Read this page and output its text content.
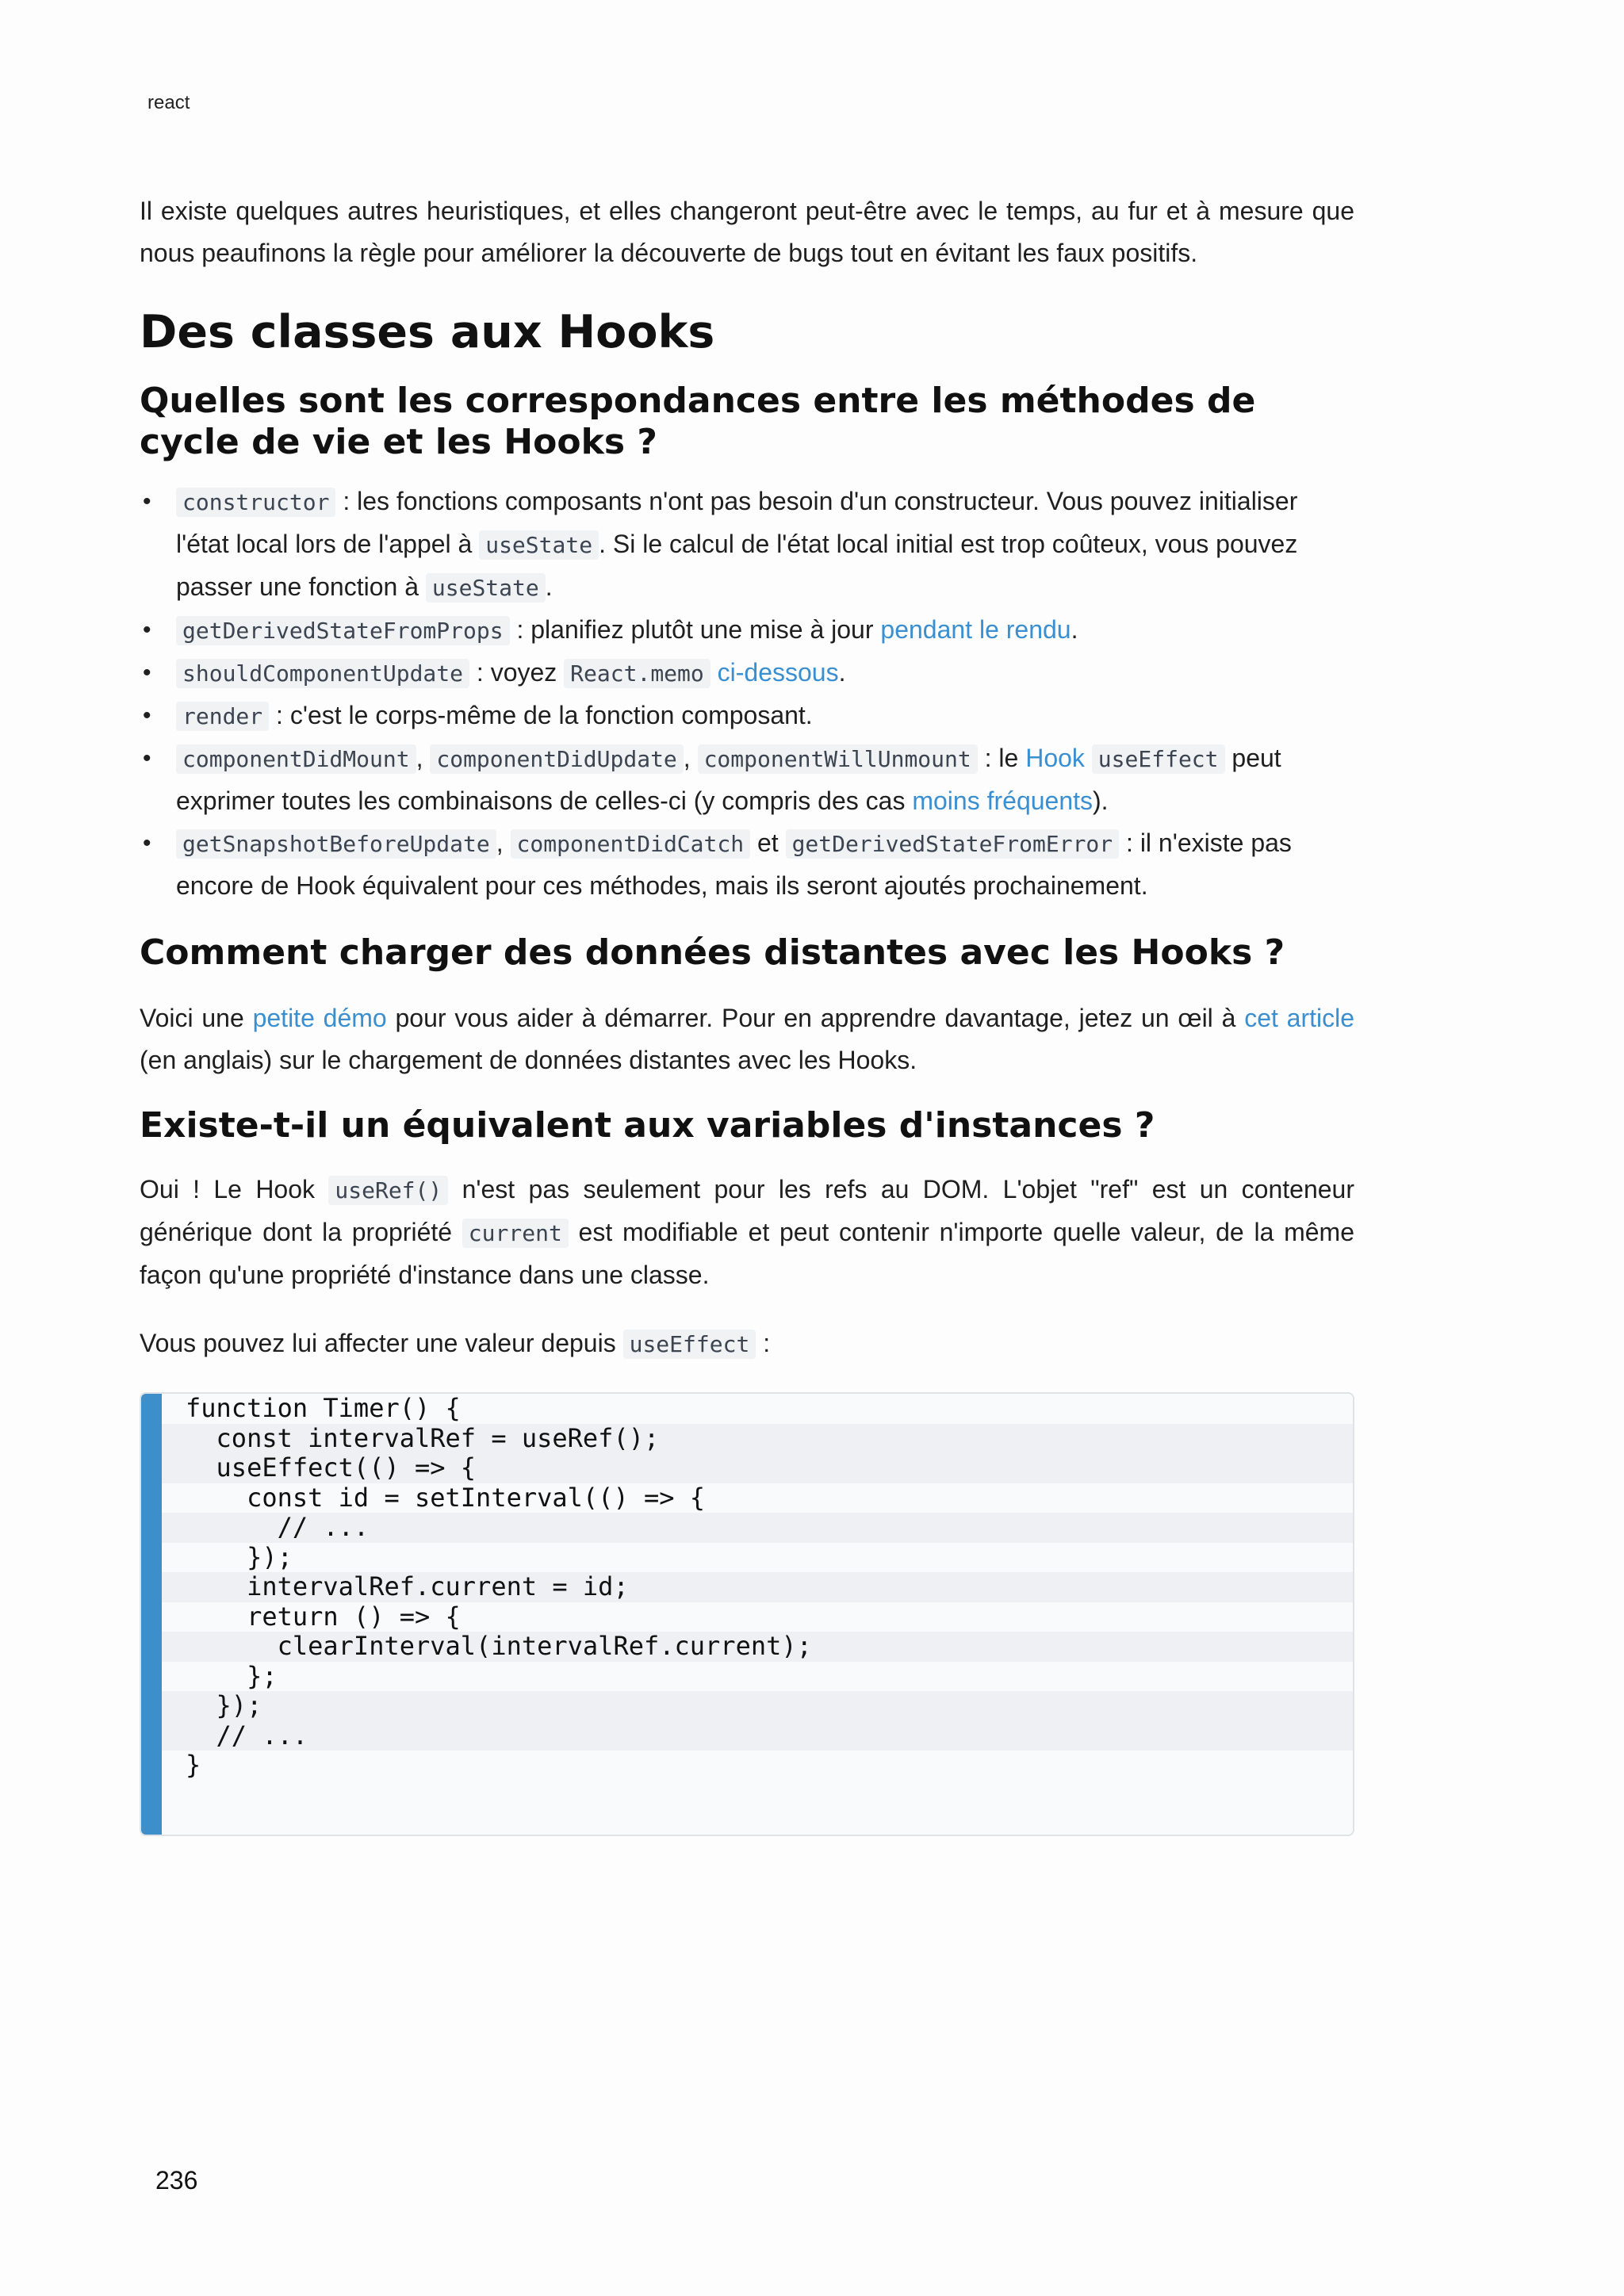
react

Il existe quelques autres heuristiques, et elles changeront peut-être avec le temps, au fur et à mesure que nous peaufinons la règle pour améliorer la découverte de bugs tout en évitant les faux positifs.

Des classes aux Hooks
Quelles sont les correspondances entre les méthodes de cycle de vie et les Hooks ?
• constructor : les fonctions composants n'ont pas besoin d'un constructeur. Vous pouvez initialiser l'état local lors de l'appel à useState . Si le calcul de l'état local initial est trop coûteux, vous pouvez passer une fonction à useState .
• getDerivedStateFromProps : planifiez plutôt une mise à jour pendant le rendu.
• shouldComponentUpdate : voyez React.memo ci-dessous.
• render : c'est le corps-même de la fonction composant.
• componentDidMount , componentDidUpdate , componentWillUnmount : le Hook useEffect peut exprimer toutes les combinaisons de celles-ci (y compris des cas moins fréquents).
• getSnapshotBeforeUpdate , componentDidCatch et getDerivedStateFromError : il n'existe pas encore de Hook équivalent pour ces méthodes, mais ils seront ajoutés prochainement.
Comment charger des données distantes avec les Hooks ?

Voici une petite démo pour vous aider à démarrer. Pour en apprendre davantage, jetez un œil à cet article (en anglais) sur le chargement de données distantes avec les Hooks.

Existe-t-il un équivalent aux variables d'instances ?

Oui ! Le Hook useRef() n'est pas seulement pour les refs au DOM. L'objet "ref" est un conteneur générique dont la propriété current est modifiable et peut contenir n'importe quelle valeur, de la même façon qu'une propriété d'instance dans une classe.

Vous pouvez lui affecter une valeur depuis useEffect :

function Timer() {
const intervalRef = useRef();
useEffect(() => {
const id = setInterval(() => {
// ...
});
intervalRef.current = id;
return () => {
clearInterval(intervalRef.current);
};
});
// ...
}
236
